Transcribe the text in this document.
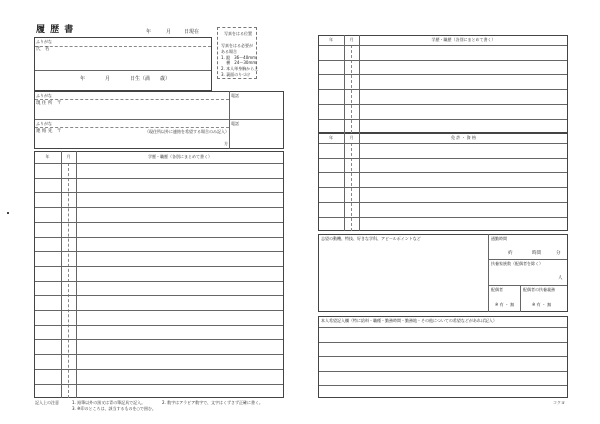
履 歴 書	年	月	日現在	写真をはる位置
写真をはる必要が
ある場合
1. 縦　36～40mm
　 横　24～30mm
2. 本人単身胸から上
3. 裏面のりづけ
ふりがな
氏　名
年	月	日生（満　　歳）
ふりがな
現 住 所　〒
電話
ふりがな
連 絡 先　〒	（現住所以外に連絡を希望する場合のみ記入）
方
電話
年	月	学歴・職歴（各別にまとめて書く）
記入上の注意	1. 鉛筆以外の黒又は青の筆記具で記入。	2. 数字はアラビア数字で、文字はくずさず正確に書く。
3. ※印のところは、該当するものを○で囲む。
年	月	学歴・職歴（各別にまとめて書く）
年	月	免 許 ・ 資 格
志望の動機、特技、好きな学科、アピールポイントなど	通勤時間
約	時間	分
扶養家族数（配偶者を除く）
人
配偶者
※ 有 ・ 無
配偶者の扶養義務
※ 有 ・ 無
本人希望記入欄（特に給料・職種・勤務時間・勤務地・その他についての希望などがあれば記入）
コクヨ
